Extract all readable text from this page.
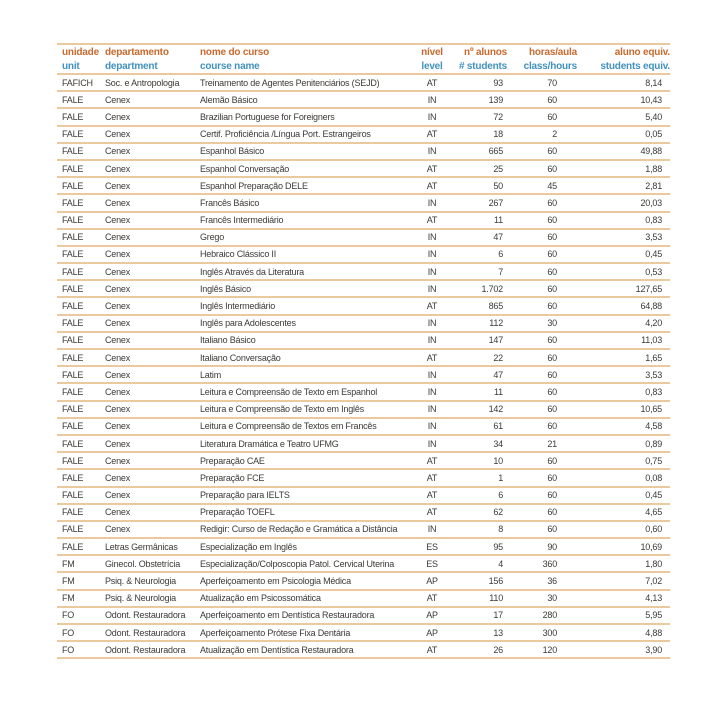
unidade	departamento	nome do curso	nível	nº alunos	horas/aula	aluno equiv.
unit	department	course name	level	# students	class/hours	students equiv.
FAFICH	Soc. e Antropologia	Treinamento de Agentes Penitenciários (SEJD)	AT	93	70	8,14
FALE	Cenex	Alemão Básico	IN	139	60	10,43
FALE	Cenex	Brazilian Portuguese for Foreigners	IN	72	60	5,40
FALE	Cenex	Certif. Proficiência /Língua Port. Estrangeiros	AT	18	2	0,05
FALE	Cenex	Espanhol Básico	IN	665	60	49,88
FALE	Cenex	Espanhol Conversação	AT	25	60	1,88
FALE	Cenex	Espanhol Preparação DELE	AT	50	45	2,81
FALE	Cenex	Francês Básico	IN	267	60	20,03
FALE	Cenex	Francês Intermediário	AT	11	60	0,83
FALE	Cenex	Grego	IN	47	60	3,53
FALE	Cenex	Hebraico Clássico II	IN	6	60	0,45
FALE	Cenex	Inglês Através da Literatura	IN	7	60	0,53
FALE	Cenex	Inglês Básico	IN	1.702	60	127,65
FALE	Cenex	Inglês Intermediário	AT	865	60	64,88
FALE	Cenex	Inglês para Adolescentes	IN	112	30	4,20
FALE	Cenex	Italiano Básico	IN	147	60	11,03
FALE	Cenex	Italiano Conversação	AT	22	60	1,65
FALE	Cenex	Latim	IN	47	60	3,53
FALE	Cenex	Leitura e Compreensão de Texto em Espanhol	IN	11	60	0,83
FALE	Cenex	Leitura e Compreensão de Texto em Inglês	IN	142	60	10,65
FALE	Cenex	Leitura e Compreensão de Textos em Francês	IN	61	60	4,58
FALE	Cenex	Literatura Dramática e Teatro UFMG	IN	34	21	0,89
FALE	Cenex	Preparação CAE	AT	10	60	0,75
FALE	Cenex	Preparação FCE	AT	1	60	0,08
FALE	Cenex	Preparação para IELTS	AT	6	60	0,45
FALE	Cenex	Preparação TOEFL	AT	62	60	4,65
FALE	Cenex	Redigir: Curso de Redação e Gramática a Distância	IN	8	60	0,60
FALE	Letras Germânicas	Especialização em Inglês	ES	95	90	10,69
FM	Ginecol. Obstetrícia	Especialização/Colposcopia Patol. Cervical Uterina	ES	4	360	1,80
FM	Psiq. & Neurologia	Aperfeiçoamento em Psicologia Médica	AP	156	36	7,02
FM	Psiq. & Neurologia	Atualização em Psicossomática	AT	110	30	4,13
FO	Odont. Restauradora	Aperfeiçoamento em Dentística Restauradora	AP	17	280	5,95
FO	Odont. Restauradora	Aperfeiçoamento Prótese Fixa Dentária	AP	13	300	4,88
FO	Odont. Restauradora	Atualização em Dentística Restauradora	AT	26	120	3,90
